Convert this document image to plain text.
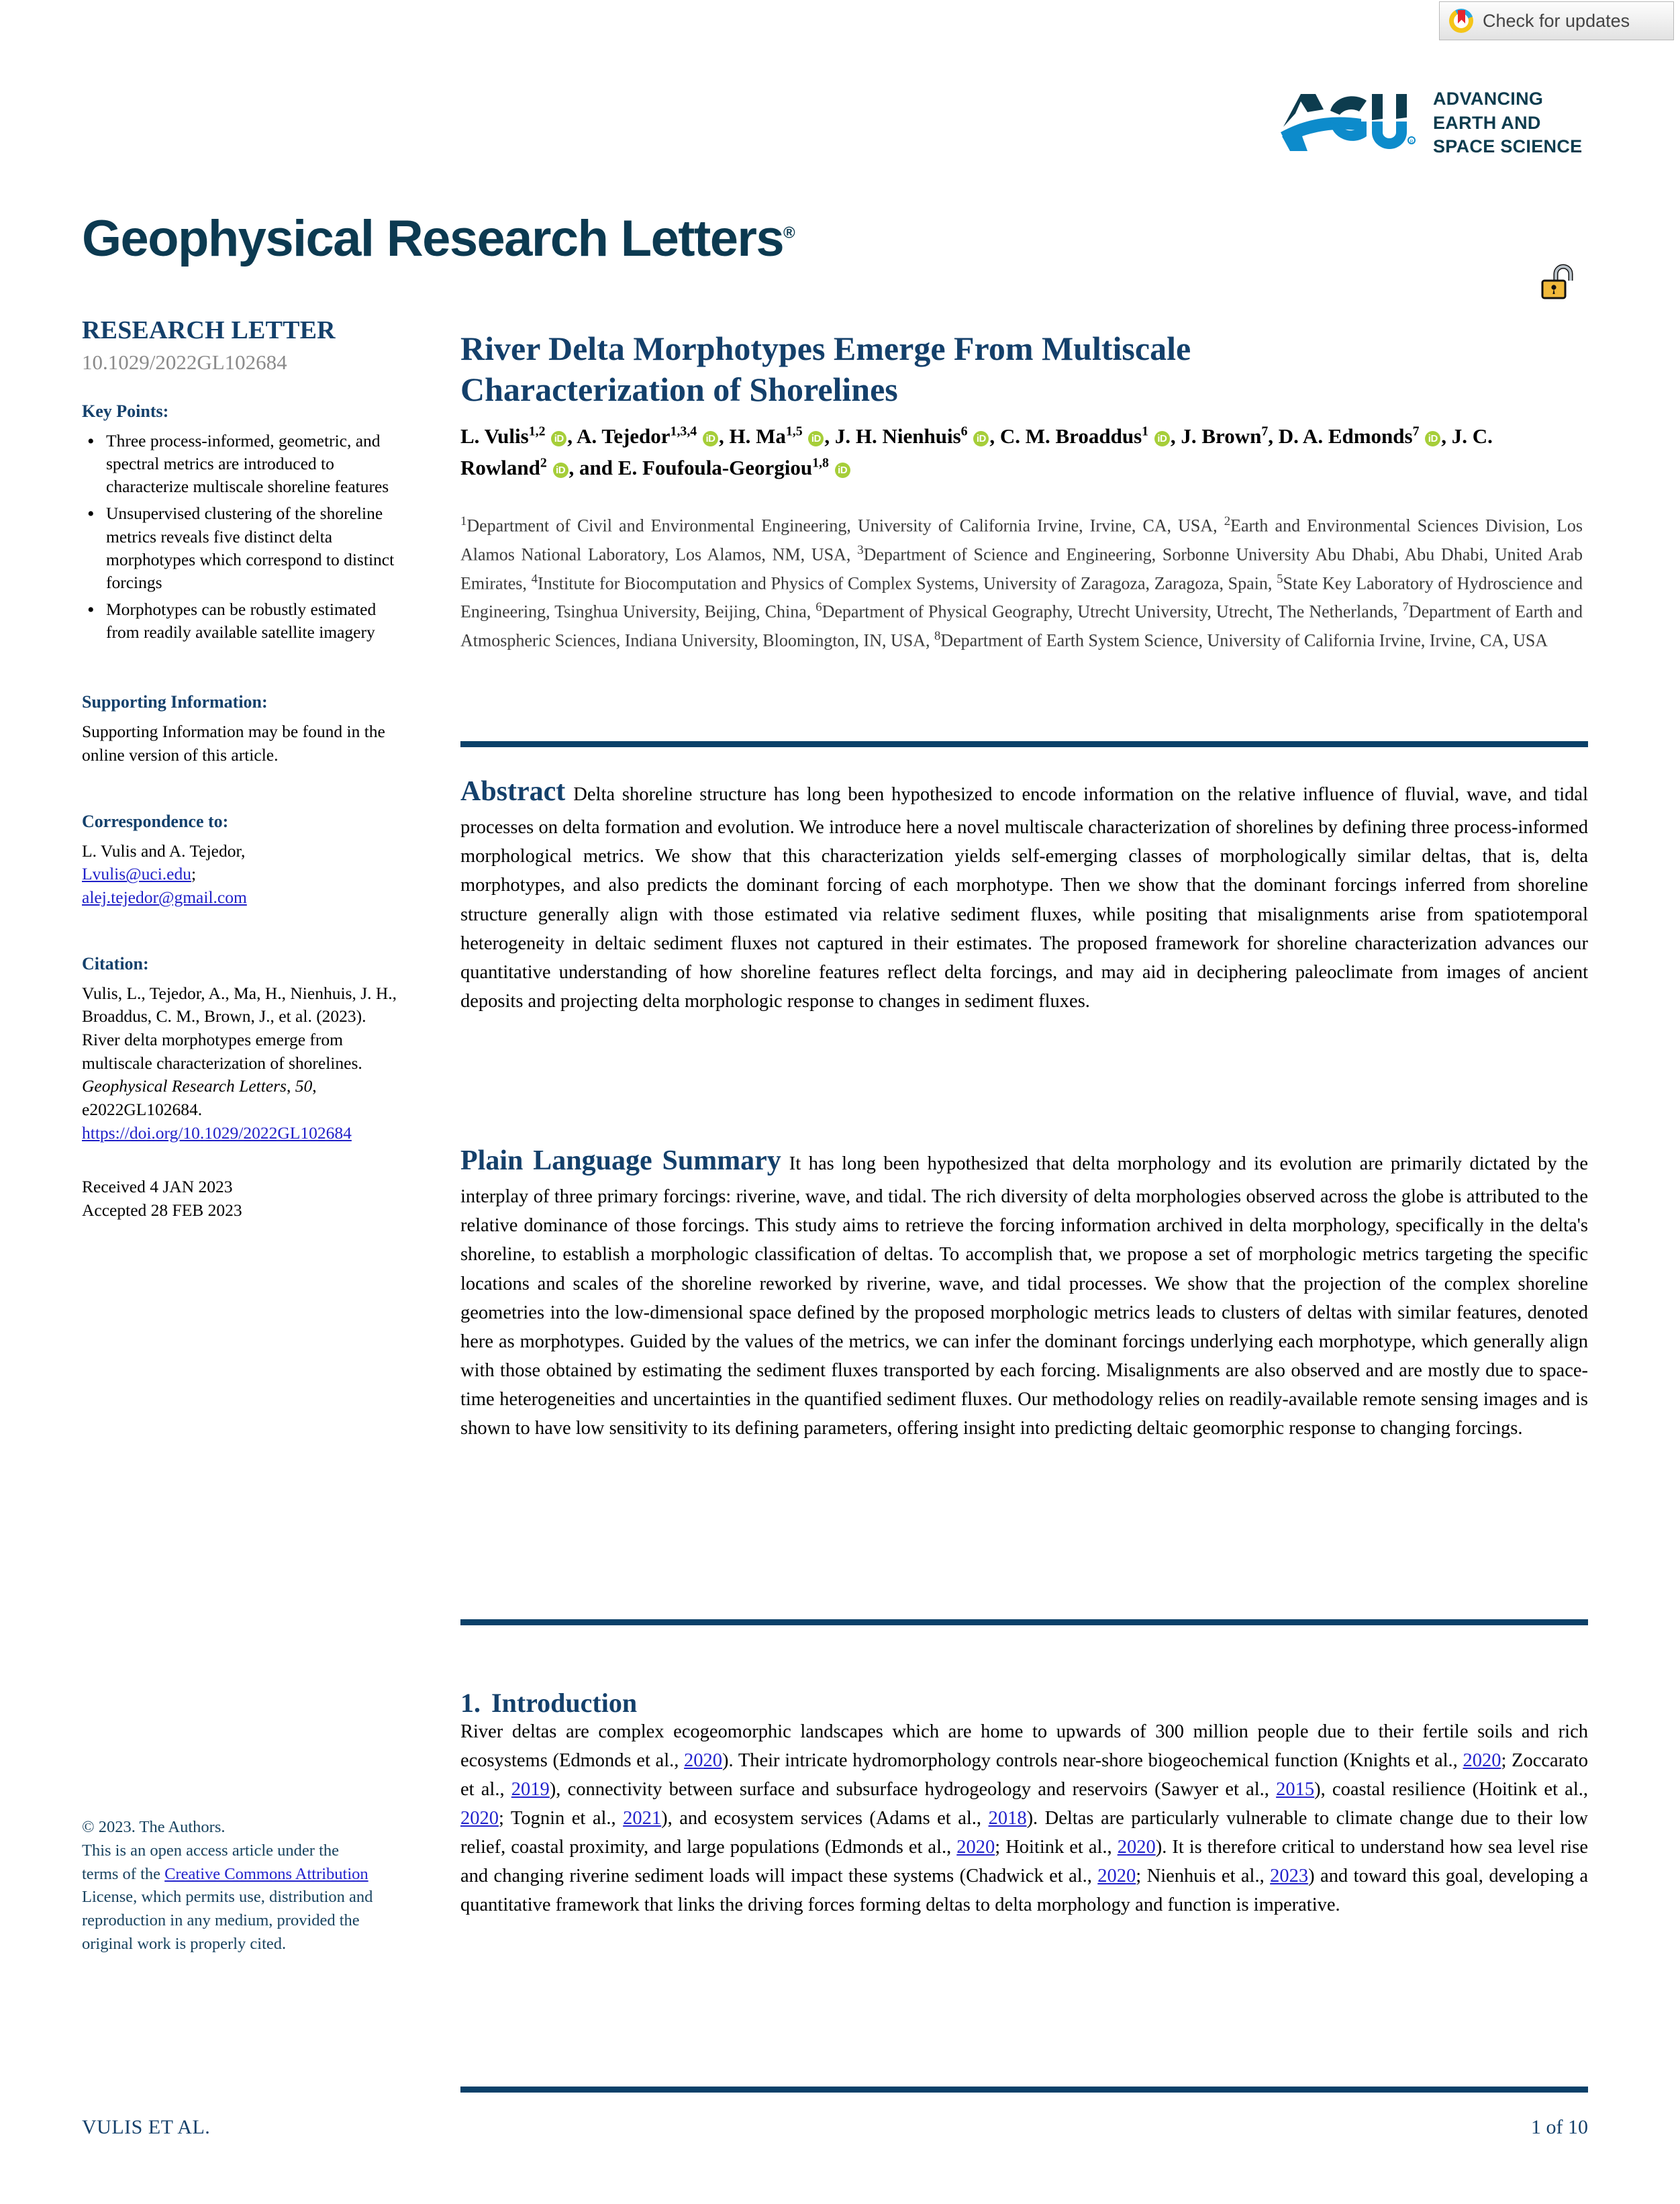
Check for updates
R
ADVANCING
EARTH AND
SPACE SCIENCE
Geophysical Research Letters®
RESEARCH LETTER
10.1029/2022GL102684
Key Points:
• Three process-informed, geometric, and spectral metrics are introduced to characterize multiscale shoreline features
• Unsupervised clustering of the shoreline metrics reveals five distinct delta morphotypes which correspond to distinct forcings
• Morphotypes can be robustly estimated from readily available satellite imagery
Supporting Information:

Supporting Information may be found in the online version of this article.

Correspondence to:

L. Vulis and A. Tejedor,
Lvulis@uci.edu;
alej.tejedor@gmail.com

Citation:

Vulis, L., Tejedor, A., Ma, H., Nienhuis, J. H., Broaddus, C. M., Brown, J., et al. (2023). River delta morphotypes emerge from multiscale characterization of shorelines. Geophysical Research Letters, 50, e2022GL102684. https://doi.org/10.1029/2022GL102684

Received 4 JAN 2023

Accepted 28 FEB 2023

© 2023. The Authors.
This is an open access article under the terms of the Creative Commons Attribution License, which permits use, distribution and reproduction in any medium, provided the original work is properly cited.
River Delta Morphotypes Emerge From Multiscale Characterization of Shorelines
L. Vulis$^{1,2}$ iD , A. Tejedor$^{1,3,4}$ iD , H. Ma$^{1,5}$ iD , J. H. Nienhuis$^6$ iD , C. M. Broaddus$^1$ iD , J. Brown$^7$, D. A. Edmonds$^7$ iD , J. C. Rowland$^2$ iD , and E. Foufoula-Georgiou$^{1,8}$ iD
$^1$Department of Civil and Environmental Engineering, University of California Irvine, Irvine, CA, USA, $^2$Earth and Environmental Sciences Division, Los Alamos National Laboratory, Los Alamos, NM, USA, $^3$Department of Science and Engineering, Sorbonne University Abu Dhabi, Abu Dhabi, United Arab Emirates, $^4$Institute for Biocomputation and Physics of Complex Systems, University of Zaragoza, Zaragoza, Spain, $^5$State Key Laboratory of Hydroscience and Engineering, Tsinghua University, Beijing, China, $^6$Department of Physical Geography, Utrecht University, Utrecht, The Netherlands, $^7$Department of Earth and Atmospheric Sciences, Indiana University, Bloomington, IN, USA, $^8$Department of Earth System Science, University of California Irvine, Irvine, CA, USA
Abstract Delta shoreline structure has long been hypothesized to encode information on the relative influence of fluvial, wave, and tidal processes on delta formation and evolution. We introduce here a novel multiscale characterization of shorelines by defining three process-informed morphological metrics. We show that this characterization yields self-emerging classes of morphologically similar deltas, that is, delta morphotypes, and also predicts the dominant forcing of each morphotype. Then we show that the dominant forcings inferred from shoreline structure generally align with those estimated via relative sediment fluxes, while positing that misalignments arise from spatiotemporal heterogeneity in deltaic sediment fluxes not captured in their estimates. The proposed framework for shoreline characterization advances our quantitative understanding of how shoreline features reflect delta forcings, and may aid in deciphering paleoclimate from images of ancient deposits and projecting delta morphologic response to changes in sediment fluxes.
Plain Language Summary It has long been hypothesized that delta morphology and its evolution are primarily dictated by the interplay of three primary forcings: riverine, wave, and tidal. The rich diversity of delta morphologies observed across the globe is attributed to the relative dominance of those forcings. This study aims to retrieve the forcing information archived in delta morphology, specifically in the delta's shoreline, to establish a morphologic classification of deltas. To accomplish that, we propose a set of morphologic metrics targeting the specific locations and scales of the shoreline reworked by riverine, wave, and tidal processes. We show that the projection of the complex shoreline geometries into the low-dimensional space defined by the proposed morphologic metrics leads to clusters of deltas with similar features, denoted here as morphotypes. Guided by the values of the metrics, we can infer the dominant forcings underlying each morphotype, which generally align with those obtained by estimating the sediment fluxes transported by each forcing. Misalignments are also observed and are mostly due to space-time heterogeneities and uncertainties in the quantified sediment fluxes. Our methodology relies on readily-available remote sensing images and is shown to have low sensitivity to its defining parameters, offering insight into predicting deltaic geomorphic response to changing forcings.
1. Introduction
River deltas are complex ecogeomorphic landscapes which are home to upwards of 300 million people due to their fertile soils and rich ecosystems (Edmonds et al., 2020). Their intricate hydromorphology controls near-shore biogeochemical function (Knights et al., 2020; Zoccarato et al., 2019), connectivity between surface and subsurface hydrogeology and reservoirs (Sawyer et al., 2015), coastal resilience (Hoitink et al., 2020; Tognin et al., 2021), and ecosystem services (Adams et al., 2018). Deltas are particularly vulnerable to climate change due to their low relief, coastal proximity, and large populations (Edmonds et al., 2020; Hoitink et al., 2020). It is therefore critical to understand how sea level rise and changing riverine sediment loads will impact these systems (Chadwick et al., 2020; Nienhuis et al., 2023) and toward this goal, developing a quantitative framework that links the driving forces forming deltas to delta morphology and function is imperative.
VULIS ET AL.	1 of 10
